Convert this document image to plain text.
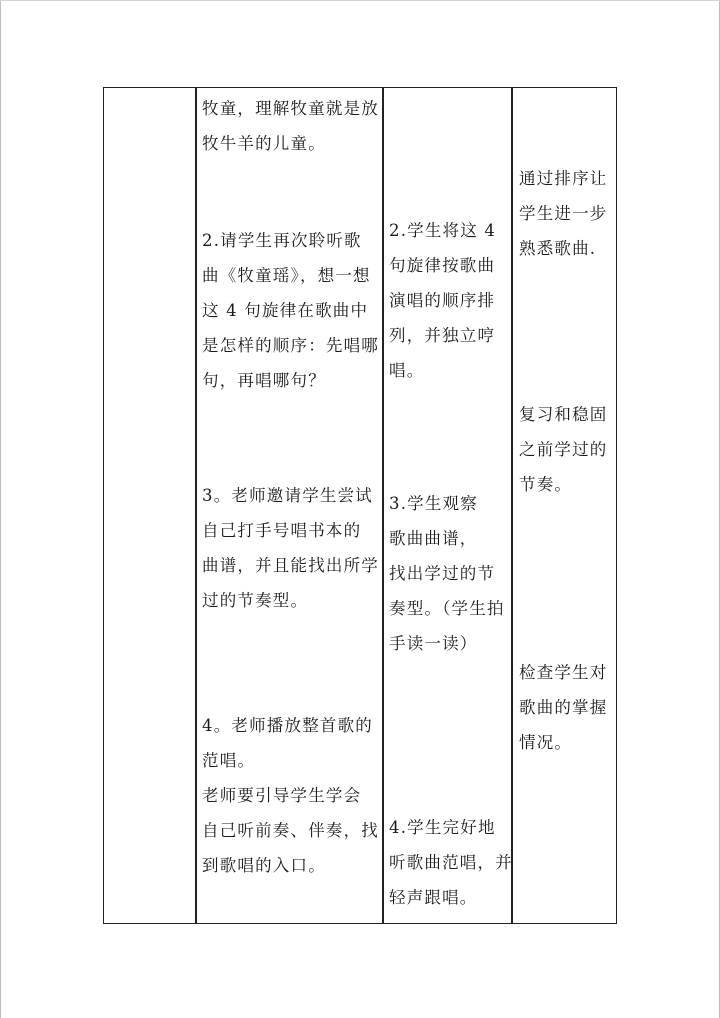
牧童，理解牧童就是放
牧牛羊的儿童。
2.请学生再次聆听歌
曲《牧童瑶》，想一想
这 4 句旋律在歌曲中
是怎样的顺序：先唱哪
句，再唱哪句？
3。老师邀请学生尝试
自己打手号唱书本的
曲谱，并且能找出所学
过的节奏型。
4。老师播放整首歌的
范唱。
老师要引导学生学会
自己听前奏、伴奏，找
到歌唱的入口。
2.学生将这 4
句旋律按歌曲
演唱的顺序排
列，并独立哼
唱。
3.学生观察
歌曲曲谱，
找出学过的节
奏型。（学生拍
手读一读）
4.学生完好地
听歌曲范唱，并
轻声跟唱。
通过排序让
学生进一步
熟悉歌曲.
复习和稳固
之前学过的
节奏。
检查学生对
歌曲的掌握
情况。
